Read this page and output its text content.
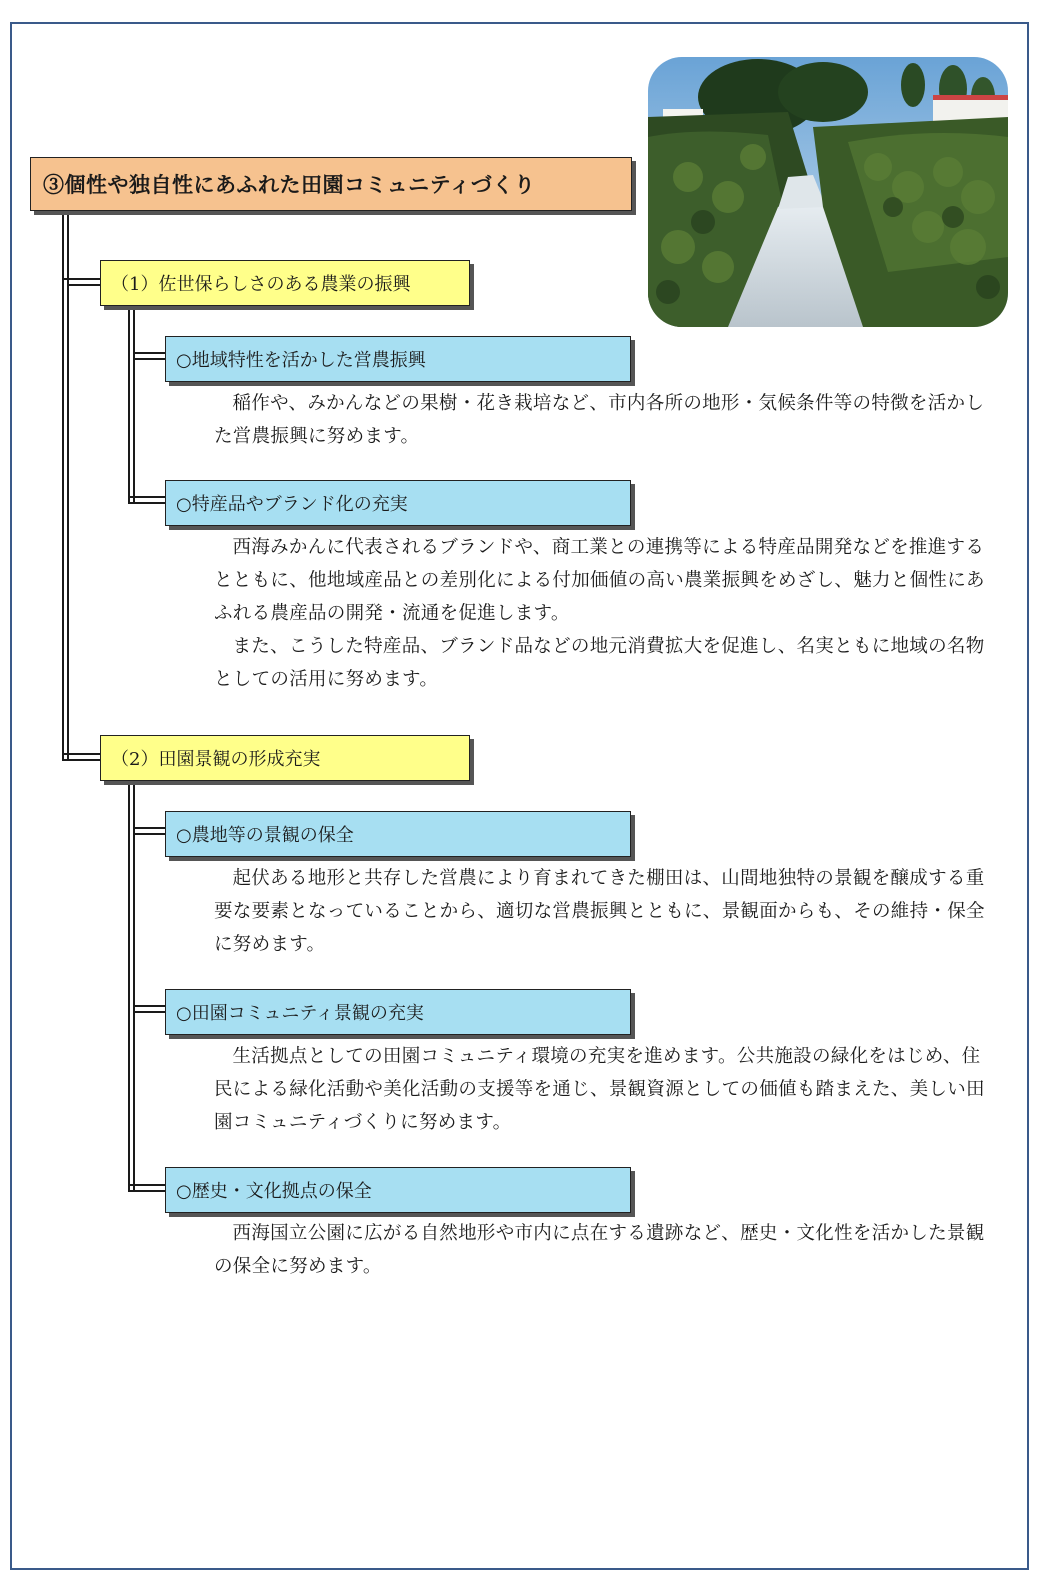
③個性や独自性にあふれた田園コミュニティづくり
（1）佐世保らしさのある農業の振興
○地域特性を活かした営農振興

稲作や、みかんなどの果樹・花き栽培など、市内各所の地形・気候条件等の特徴を活かした営農振興に努めます。

○特産品やブランド化の充実

西海みかんに代表されるブランドや、商工業との連携等による特産品開発などを推進するとともに、他地域産品との差別化による付加価値の高い農業振興をめざし、魅力と個性にあふれる農産品の開発・流通を促進します。

また、こうした特産品、ブランド品などの地元消費拡大を促進し、名実ともに地域の名物としての活用に努めます。

（2）田園景観の形成充実
○農地等の景観の保全

起伏ある地形と共存した営農により育まれてきた棚田は、山間地独特の景観を醸成する重要な要素となっていることから、適切な営農振興とともに、景観面からも、その維持・保全に努めます。

○田園コミュニティ景観の充実

生活拠点としての田園コミュニティ環境の充実を進めます。公共施設の緑化をはじめ、住民による緑化活動や美化活動の支援等を通じ、景観資源としての価値も踏まえた、美しい田園コミュニティづくりに努めます。

○歴史・文化拠点の保全

西海国立公園に広がる自然地形や市内に点在する遺跡など、歴史・文化性を活かした景観の保全に努めます。
